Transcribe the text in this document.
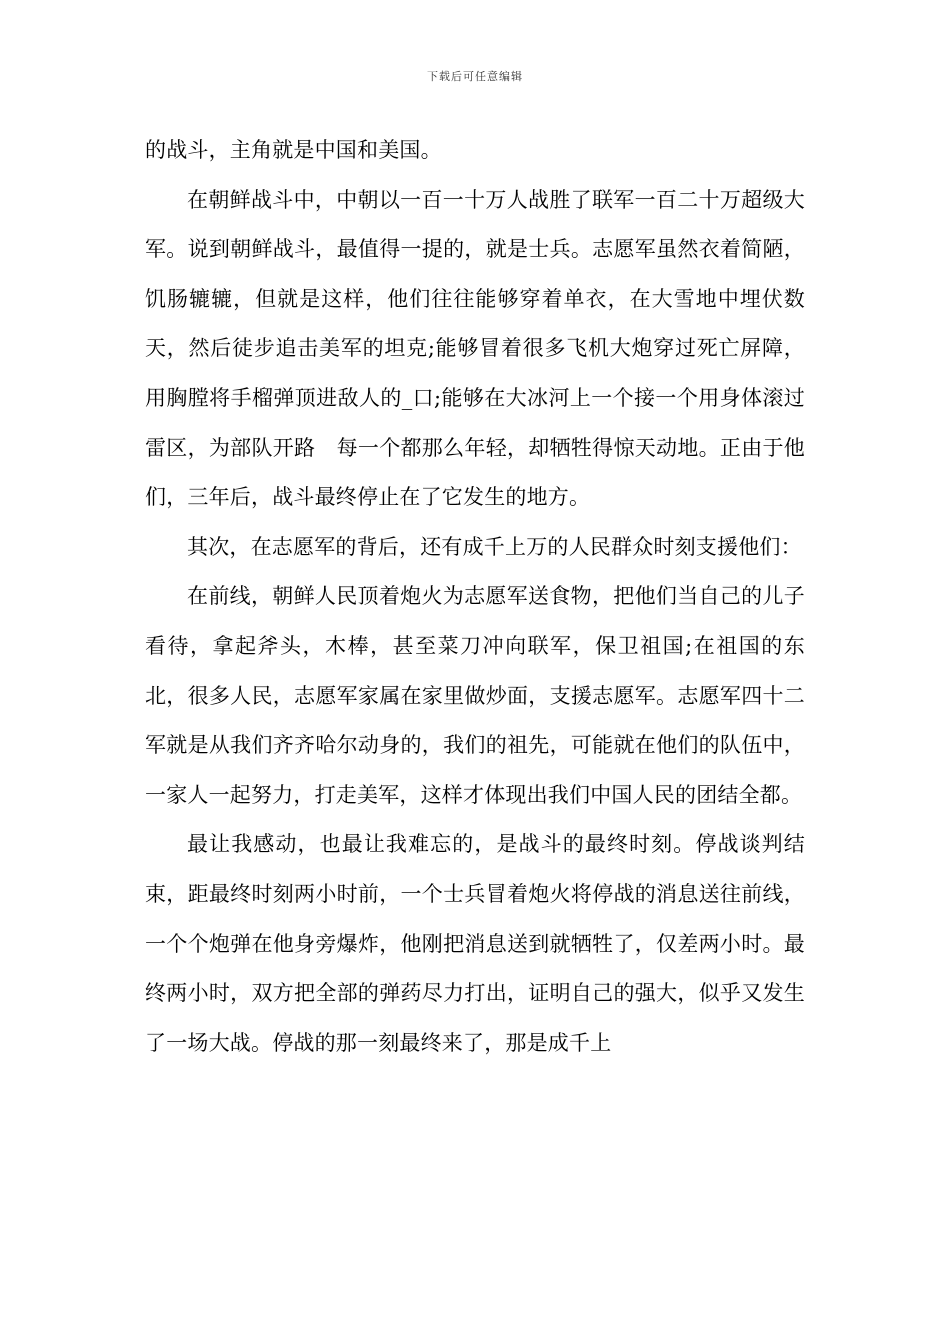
下载后可任意编辑

的战斗，主角就是中国和美国。

在朝鲜战斗中，中朝以一百一十万人战胜了联军一百二十万超级大军。说到朝鲜战斗，最值得一提的，就是士兵。志愿军虽然衣着简陋，饥肠辘辘，但就是这样，他们往往能够穿着单衣，在大雪地中埋伏数天，然后徒步追击美军的坦克;能够冒着很多飞机大炮穿过死亡屏障，用胸膛将手榴弹顶进敌人的_口;能够在大冰河上一个接一个用身体滚过雷区，为部队开路　每一个都那么年轻，却牺牲得惊天动地。正由于他们，三年后，战斗最终停止在了它发生的地方。

其次，在志愿军的背后，还有成千上万的人民群众时刻支援他们：

在前线，朝鲜人民顶着炮火为志愿军送食物，把他们当自己的儿子看待，拿起斧头，木棒，甚至菜刀冲向联军，保卫祖国;在祖国的东北，很多人民，志愿军家属在家里做炒面，支援志愿军。志愿军四十二军就是从我们齐齐哈尔动身的，我们的祖先，可能就在他们的队伍中，一家人一起努力，打走美军，这样才体现出我们中国人民的团结全都。

最让我感动，也最让我难忘的，是战斗的最终时刻。停战谈判结束，距最终时刻两小时前，一个士兵冒着炮火将停战的消息送往前线，一个个炮弹在他身旁爆炸，他刚把消息送到就牺牲了，仅差两小时。最终两小时，双方把全部的弹药尽力打出，证明自己的强大，似乎又发生了一场大战。停战的那一刻最终来了，那是成千上
